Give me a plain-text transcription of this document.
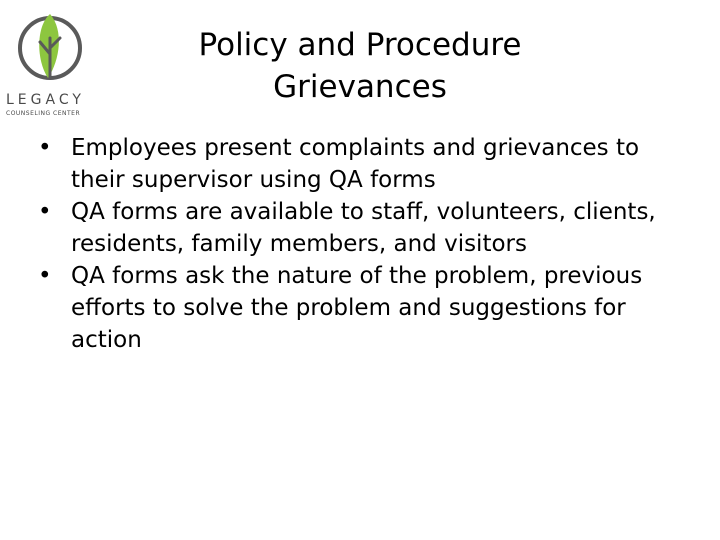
LEGACY
COUNSELING CENTER
Policy and Procedure
Grievances
• Employees present complaints and grievances to their supervisor using QA forms
• QA forms are available to staff, volunteers, clients, residents, family members, and visitors
• QA forms ask the nature of the problem, previous efforts to solve the problem and suggestions for action
